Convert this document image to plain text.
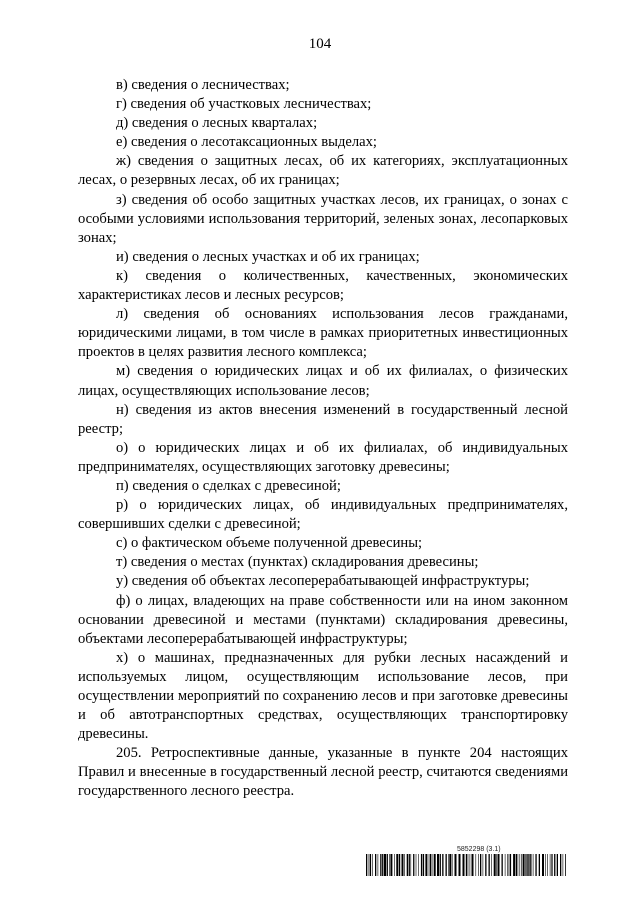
104

в) сведения о лесничествах;

г) сведения об участковых лесничествах;

д) сведения о лесных кварталах;

е) сведения о лесотаксационных выделах;

ж) сведения о защитных лесах, об их категориях, эксплуатационных лесах, о резервных лесах, об их границах;

з) сведения об особо защитных участках лесов, их границах, о зонах с особыми условиями использования территорий, зеленых зонах, лесопарковых зонах;

и) сведения о лесных участках и об их границах;

к) сведения о количественных, качественных, экономических характеристиках лесов и лесных ресурсов;

л) сведения об основаниях использования лесов гражданами, юридическими лицами, в том числе в рамках приоритетных инвестиционных проектов в целях развития лесного комплекса;

м) сведения о юридических лицах и об их филиалах, о физических лицах, осуществляющих использование лесов;

н) сведения из актов внесения изменений в государственный лесной реестр;

о) о юридических лицах и об их филиалах, об индивидуальных предпринимателях, осуществляющих заготовку древесины;

п) сведения о сделках с древесиной;

р) о юридических лицах, об индивидуальных предпринимателях, совершивших сделки с древесиной;

с) о фактическом объеме полученной древесины;

т) сведения о местах (пунктах) складирования древесины;

у) сведения об объектах лесоперерабатывающей инфраструктуры;

ф) о лицах, владеющих на праве собственности или на ином законном основании древесиной и местами (пунктами) складирования древесины, объектами лесоперерабатывающей инфраструктуры;

х) о машинах, предназначенных для рубки лесных насаждений и используемых лицом, осуществляющим использование лесов, при осуществлении мероприятий по сохранению лесов и при заготовке древесины и об автотранспортных средствах, осуществляющих транспортировку древесины.

205. Ретроспективные данные, указанные в пункте 204 настоящих Правил и внесенные в государственный лесной реестр, считаются сведениями государственного лесного реестра.

5852298 (3.1)
